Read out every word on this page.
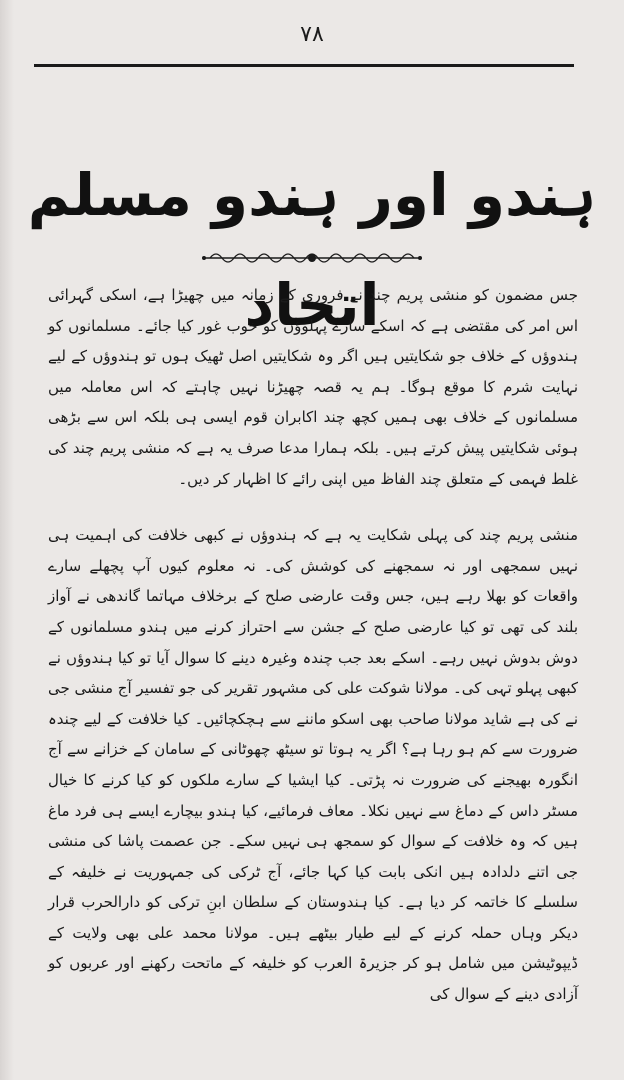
۷۸
ہندو اور ہندو مسلم اتحاد

جس مضمون کو منشی پریم چند نے فروری کے زمانہ میں چھیڑا ہے، اسکی گہرائی اس امر کی مقتضی ہے کہ اسکے سارے پہلوؤں کو خوب غور کیا جائے۔ مسلمانوں کو ہندوؤں کے خلاف جو شکایتیں ہیں اگر وہ شکایتیں اصل ٹھیک ہوں تو ہندوؤں کے لیے نہایت شرم کا موقع ہوگا۔ ہم یہ قصہ چھیڑنا نہیں چاہتے کہ اس معاملہ میں مسلمانوں کے خلاف بھی ہمیں کچھ چند اکابران قوم ایسی ہی بلکہ اس سے بڑھی ہوئی شکایتیں پیش کرتے ہیں۔ بلکہ ہمارا مدعا صرف یہ ہے کہ منشی پریم چند کی غلط فہمی کے متعلق چند الفاظ میں اپنی رائے کا اظہار کر دیں۔

منشی پریم چند کی پہلی شکایت یہ ہے کہ ہندوؤں نے کبھی خلافت کی اہمیت ہی نہیں سمجھی اور نہ سمجھنے کی کوشش کی۔ نہ معلوم کیوں آپ پچھلے سارے واقعات کو بھلا رہے ہیں، جس وقت عارضی صلح کے برخلاف مہاتما گاندھی نے آواز بلند کی تھی تو کیا عارضی صلح کے جشن سے احتراز کرنے میں ہندو مسلمانوں کے دوش بدوش نہیں رہے۔ اسکے بعد جب چندہ وغیرہ دینے کا سوال آیا تو کیا ہندوؤں نے کبھی پہلو تہی کی۔ مولانا شوکت علی کی مشہور تقریر کی جو تفسیر آج منشی جی نے کی ہے شاید مولانا صاحب بھی اسکو ماننے سے ہچکچائیں۔ کیا خلافت کے لیے چندہ ضرورت سے کم ہو رہا ہے؟ اگر یہ ہوتا تو سیٹھ چھوٹانی کے سامان کے خزانے سے آج انگورہ بھیجنے کی ضرورت نہ پڑتی۔ کیا ایشیا کے سارے ملکوں کو کیا کرنے کا خیال مسٹر داس کے دماغ سے نہیں نکلا۔ معاف فرمائیے، کیا ہندو بیچارے ایسے ہی فرد ماغ ہیں کہ وہ خلافت کے سوال کو سمجھ ہی نہیں سکے۔ جن عصمت پاشا کی منشی جی اتنے دلدادہ ہیں انکی بابت کیا کہا جائے، آج ٹرکی کی جمہوریت نے خلیفہ کے سلسلے کا خاتمہ کر دیا ہے۔ کیا ہندوستان کے سلطان ابنِ ترکی کو دارالحرب قرار دیکر وہاں حملہ کرنے کے لیے طیار بیٹھے ہیں۔ مولانا محمد علی بھی ولایت کے ڈیپوٹیشن میں شامل ہو کر جزیرۃ العرب کو خلیفہ کے ماتحت رکھنے اور عربوں کو آزادی دینے کے سوال کی
